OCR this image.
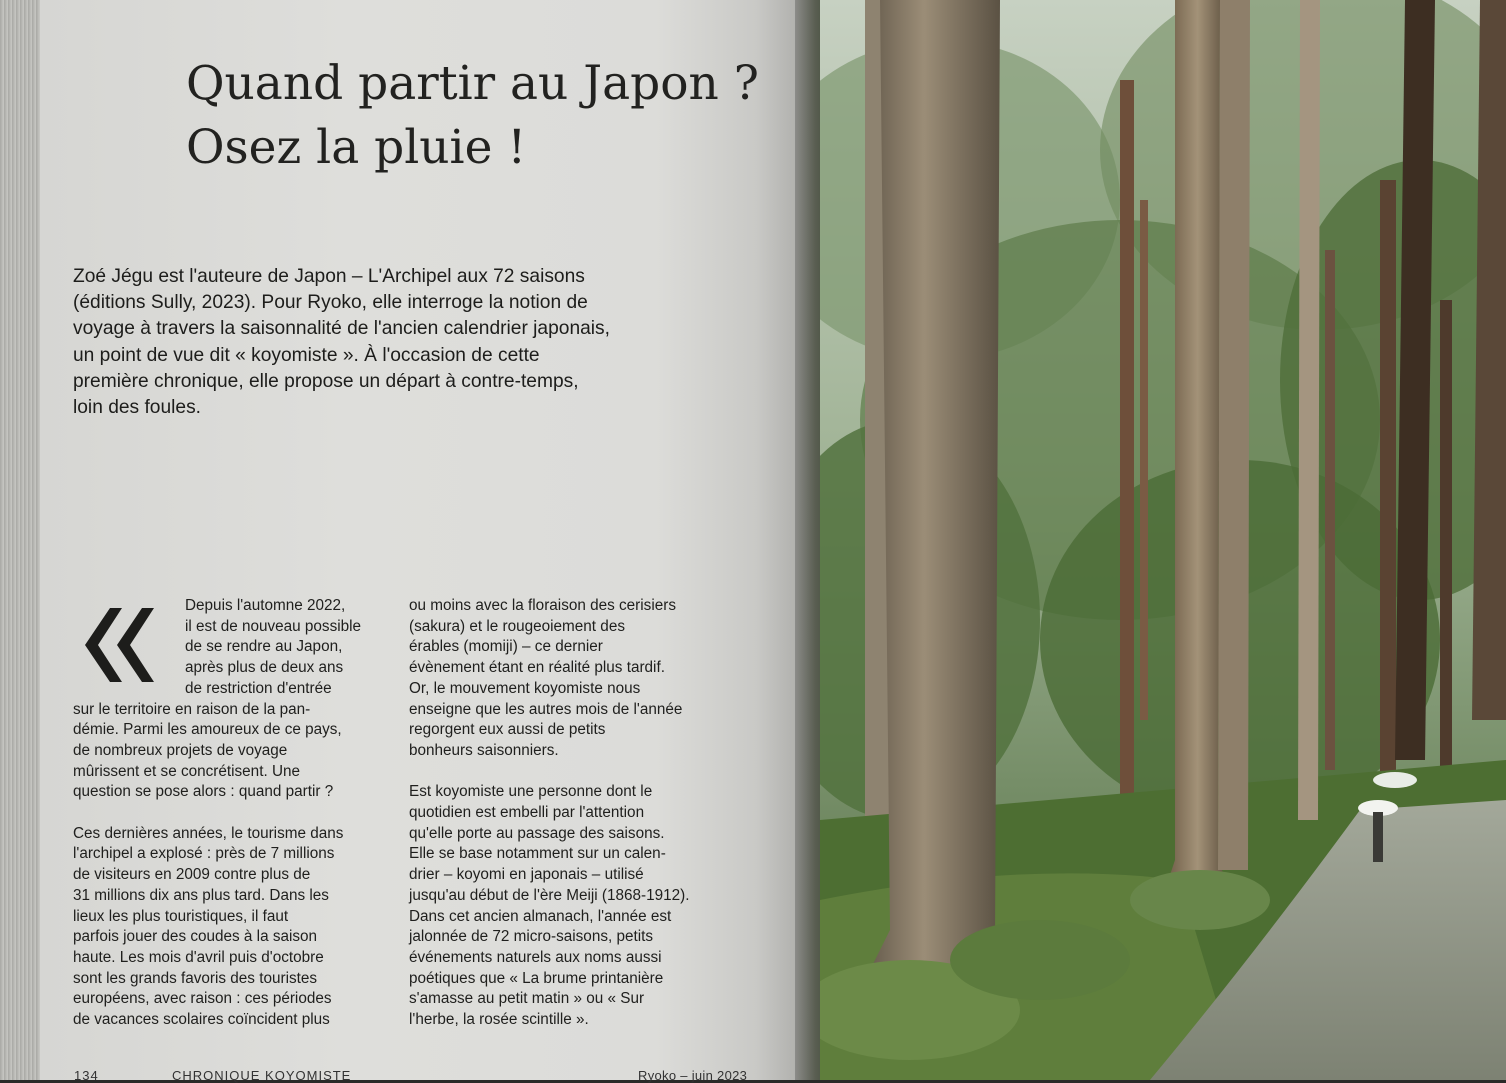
Quand partir au Japon ?
Osez la pluie !

Zoé Jégu est l'auteure de Japon – L'Archipel aux 72 saisons
(éditions Sully, 2023). Pour Ryoko, elle interroge la notion de
voyage à travers la saisonnalité de l'ancien calendrier japonais,
un point de vue dit « koyomiste ». À l'occasion de cette
première chronique, elle propose un départ à contre-temps,
loin des foules.

Depuis l'automne 2022,
il est de nouveau possible
de se rendre au Japon,
après plus de deux ans
de restriction d'entrée
sur le territoire en raison de la pan-
démie. Parmi les amoureux de ce pays,
de nombreux projets de voyage
mûrissent et se concrétisent. Une
question se pose alors : quand partir ?
Ces dernières années, le tourisme dans
l'archipel a explosé : près de 7 millions
de visiteurs en 2009 contre plus de
31 millions dix ans plus tard. Dans les
lieux les plus touristiques, il faut
parfois jouer des coudes à la saison
haute. Les mois d'avril puis d'octobre
sont les grands favoris des touristes
européens, avec raison : ces périodes
de vacances scolaires coïncident plus
ou moins avec la floraison des cerisiers
(sakura) et le rougeoiement des
érables (momiji) – ce dernier
évènement étant en réalité plus tardif.
Or, le mouvement koyomiste nous
enseigne que les autres mois de l'année
regorgent eux aussi de petits
bonheurs saisonniers.
Est koyomiste une personne dont le
quotidien est embelli par l'attention
qu'elle porte au passage des saisons.
Elle se base notamment sur un calen-
drier – koyomi en japonais – utilisé
jusqu'au début de l'ère Meiji (1868-1912).
Dans cet ancien almanach, l'année est
jalonnée de 72 micro-saisons, petits
événements naturels aux noms aussi
poétiques que « La brume printanière
s'amasse au petit matin » ou « Sur
l'herbe, la rosée scintille ».
134	CHRONIQUE KOYOMISTE	Ryoko – juin 2023
